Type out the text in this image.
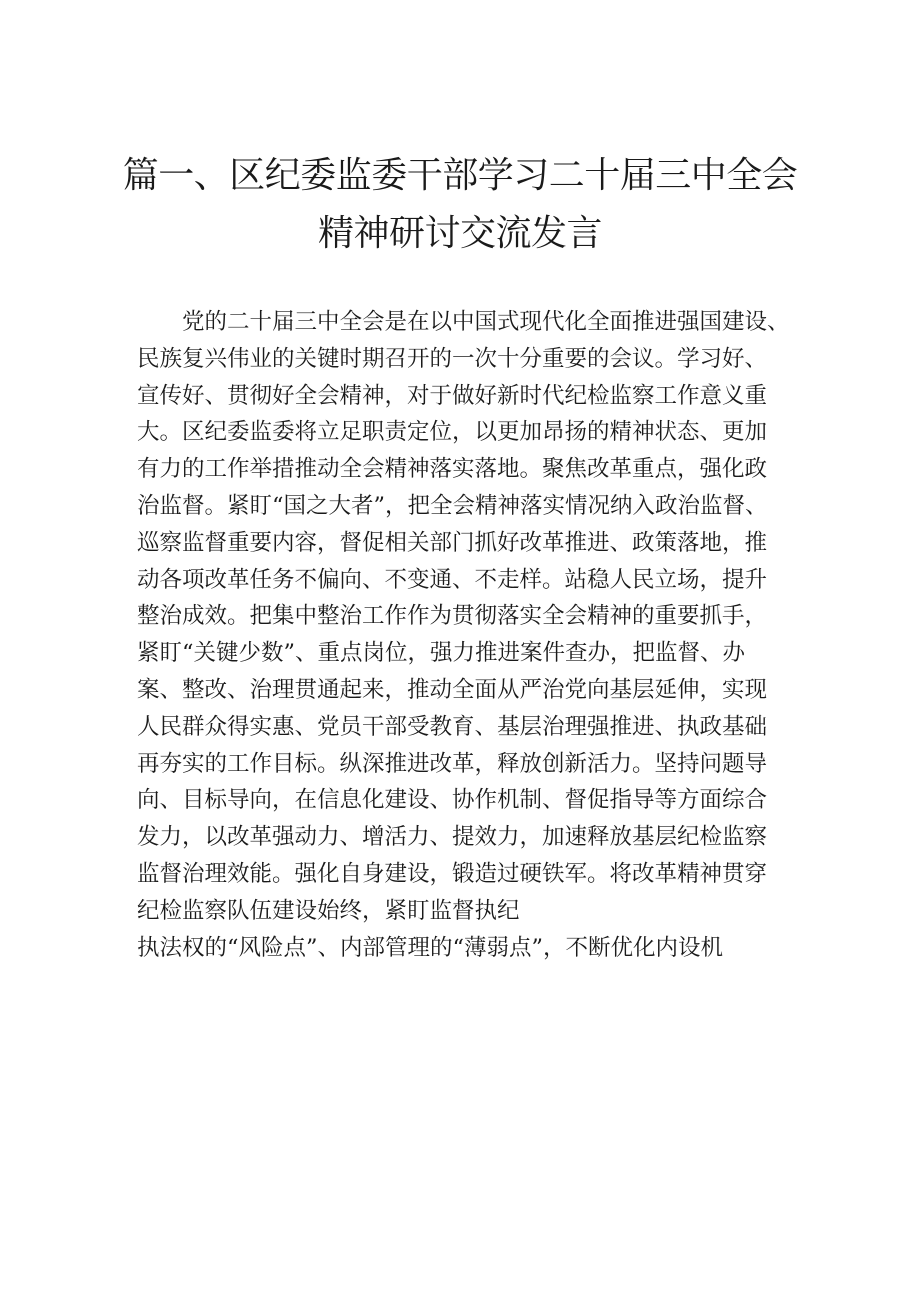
篇一、区纪委监委干部学习二十届三中全会
精神研讨交流发言
　　党的二十届三中全会是在以中国式现代化全面推进强国建设、
民族复兴伟业的关键时期召开的一次十分重要的会议。学习好、
宣传好、贯彻好全会精神，对于做好新时代纪检监察工作意义重
大。区纪委监委将立足职责定位，以更加昂扬的精神状态、更加
有力的工作举措推动全会精神落实落地。聚焦改革重点，强化政
治监督。紧盯“国之大者”，把全会精神落实情况纳入政治监督、
巡察监督重要内容，督促相关部门抓好改革推进、政策落地，推
动各项改革任务不偏向、不变通、不走样。站稳人民立场，提升
整治成效。把集中整治工作作为贯彻落实全会精神的重要抓手，
紧盯“关键少数”、重点岗位，强力推进案件查办，把监督、办
案、整改、治理贯通起来，推动全面从严治党向基层延伸，实现
人民群众得实惠、党员干部受教育、基层治理强推进、执政基础
再夯实的工作目标。纵深推进改革，释放创新活力。坚持问题导
向、目标导向，在信息化建设、协作机制、督促指导等方面综合
发力，以改革强动力、增活力、提效力，加速释放基层纪检监察
监督治理效能。强化自身建设，锻造过硬铁军。将改革精神贯穿
纪检监察队伍建设始终，紧盯监督执纪
执法权的“风险点”、内部管理的“薄弱点”，不断优化内设机
